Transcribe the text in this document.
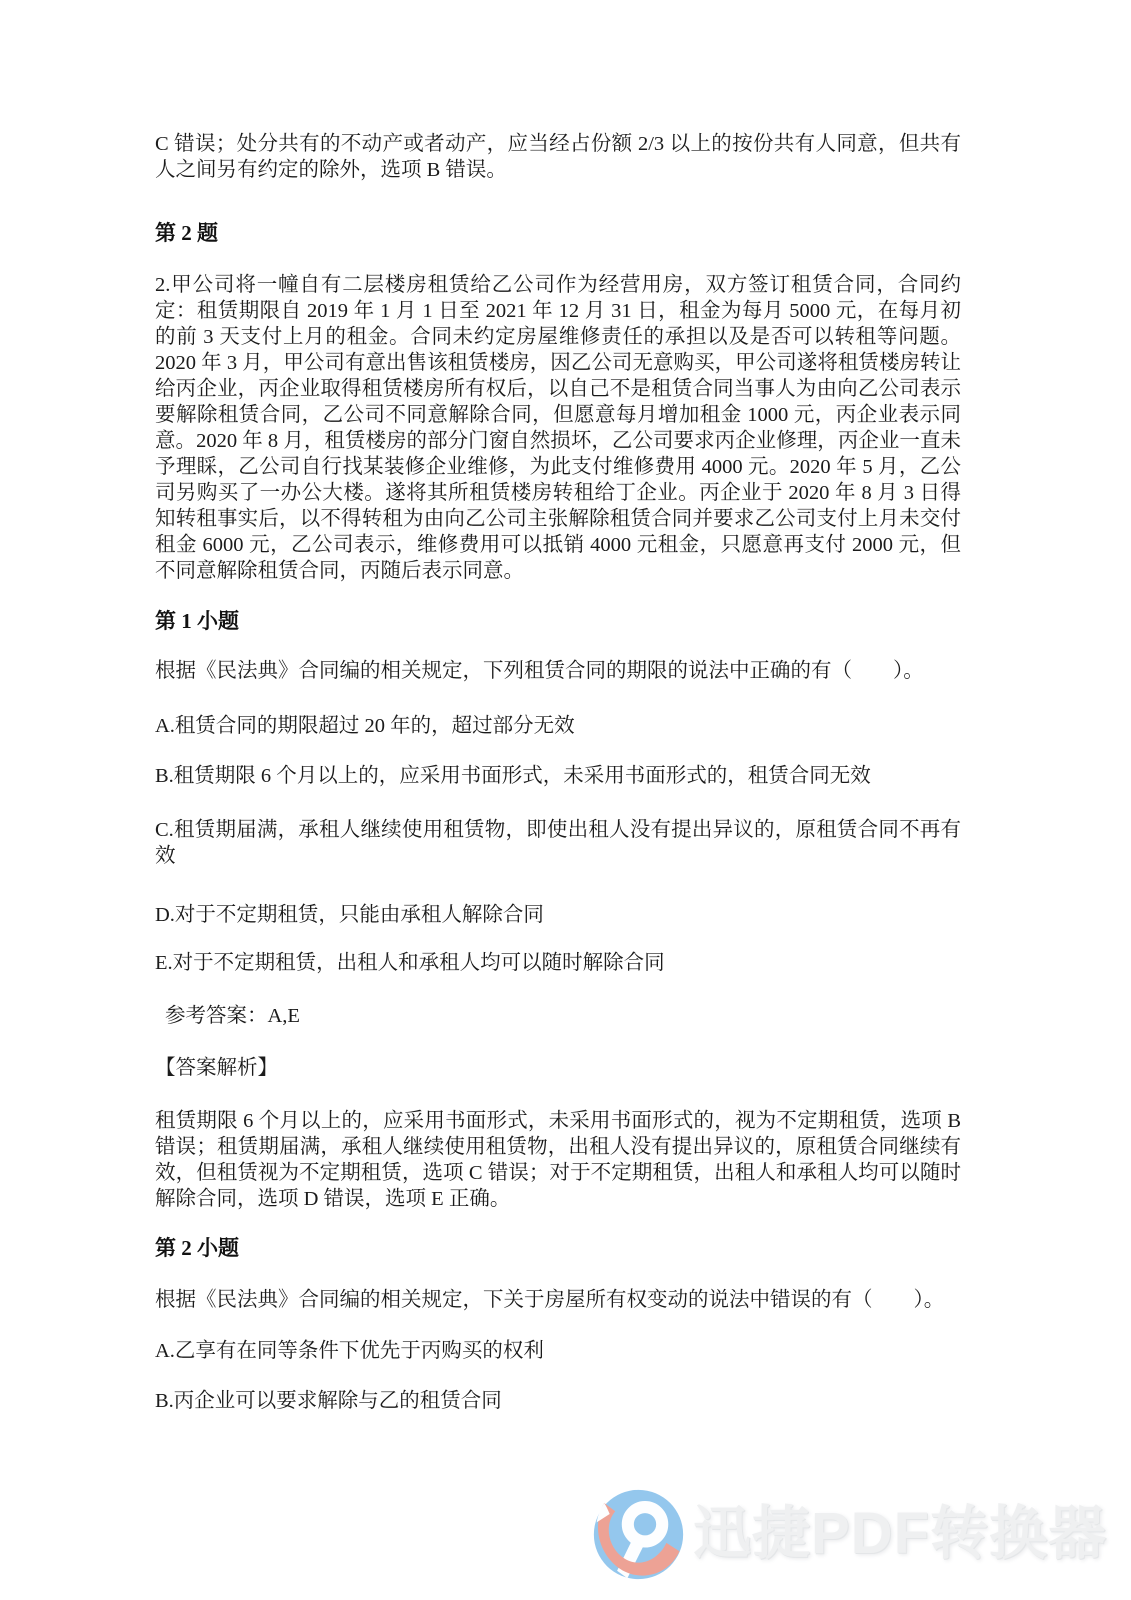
C 错误；处分共有的不动产或者动产，应当经占份额 2/3 以上的按份共有人同意，但共有人之间另有约定的除外，选项 B 错误。

第 2 题

2.甲公司将一幢自有二层楼房租赁给乙公司作为经营用房，双方签订租赁合同，合同约定：租赁期限自 2019 年 1 月 1 日至 2021 年 12 月 31 日，租金为每月 5000 元，在每月初的前 3 天支付上月的租金。合同未约定房屋维修责任的承担以及是否可以转租等问题。2020 年 3 月，甲公司有意出售该租赁楼房，因乙公司无意购买，甲公司遂将租赁楼房转让给丙企业，丙企业取得租赁楼房所有权后，以自己不是租赁合同当事人为由向乙公司表示要解除租赁合同，乙公司不同意解除合同，但愿意每月增加租金 1000 元，丙企业表示同意。2020 年 8 月，租赁楼房的部分门窗自然损坏，乙公司要求丙企业修理，丙企业一直未予理睬，乙公司自行找某装修企业维修，为此支付维修费用 4000 元。2020 年 5 月，乙公司另购买了一办公大楼。遂将其所租赁楼房转租给丁企业。丙企业于 2020 年 8 月 3 日得知转租事实后，以不得转租为由向乙公司主张解除租赁合同并要求乙公司支付上月未交付租金 6000 元，乙公司表示，维修费用可以抵销 4000 元租金，只愿意再支付 2000 元，但不同意解除租赁合同，丙随后表示同意。

第 1 小题

根据《民法典》合同编的相关规定，下列租赁合同的期限的说法中正确的有（　　）。

A.租赁合同的期限超过 20 年的，超过部分无效

B.租赁期限 6 个月以上的，应采用书面形式，未采用书面形式的，租赁合同无效

C.租赁期届满，承租人继续使用租赁物，即使出租人没有提出异议的，原租赁合同不再有效

D.对于不定期租赁，只能由承租人解除合同

E.对于不定期租赁，出租人和承租人均可以随时解除合同

参考答案：A,E

【答案解析】

租赁期限 6 个月以上的，应采用书面形式，未采用书面形式的，视为不定期租赁，选项 B 错误；租赁期届满，承租人继续使用租赁物，出租人没有提出异议的，原租赁合同继续有效，但租赁视为不定期租赁，选项 C 错误；对于不定期租赁，出租人和承租人均可以随时解除合同，选项 D 错误，选项 E 正确。

第 2 小题

根据《民法典》合同编的相关规定，下关于房屋所有权变动的说法中错误的有（　　）。

A.乙享有在同等条件下优先于丙购买的权利

B.丙企业可以要求解除与乙的租赁合同

迅捷PDF转换器
